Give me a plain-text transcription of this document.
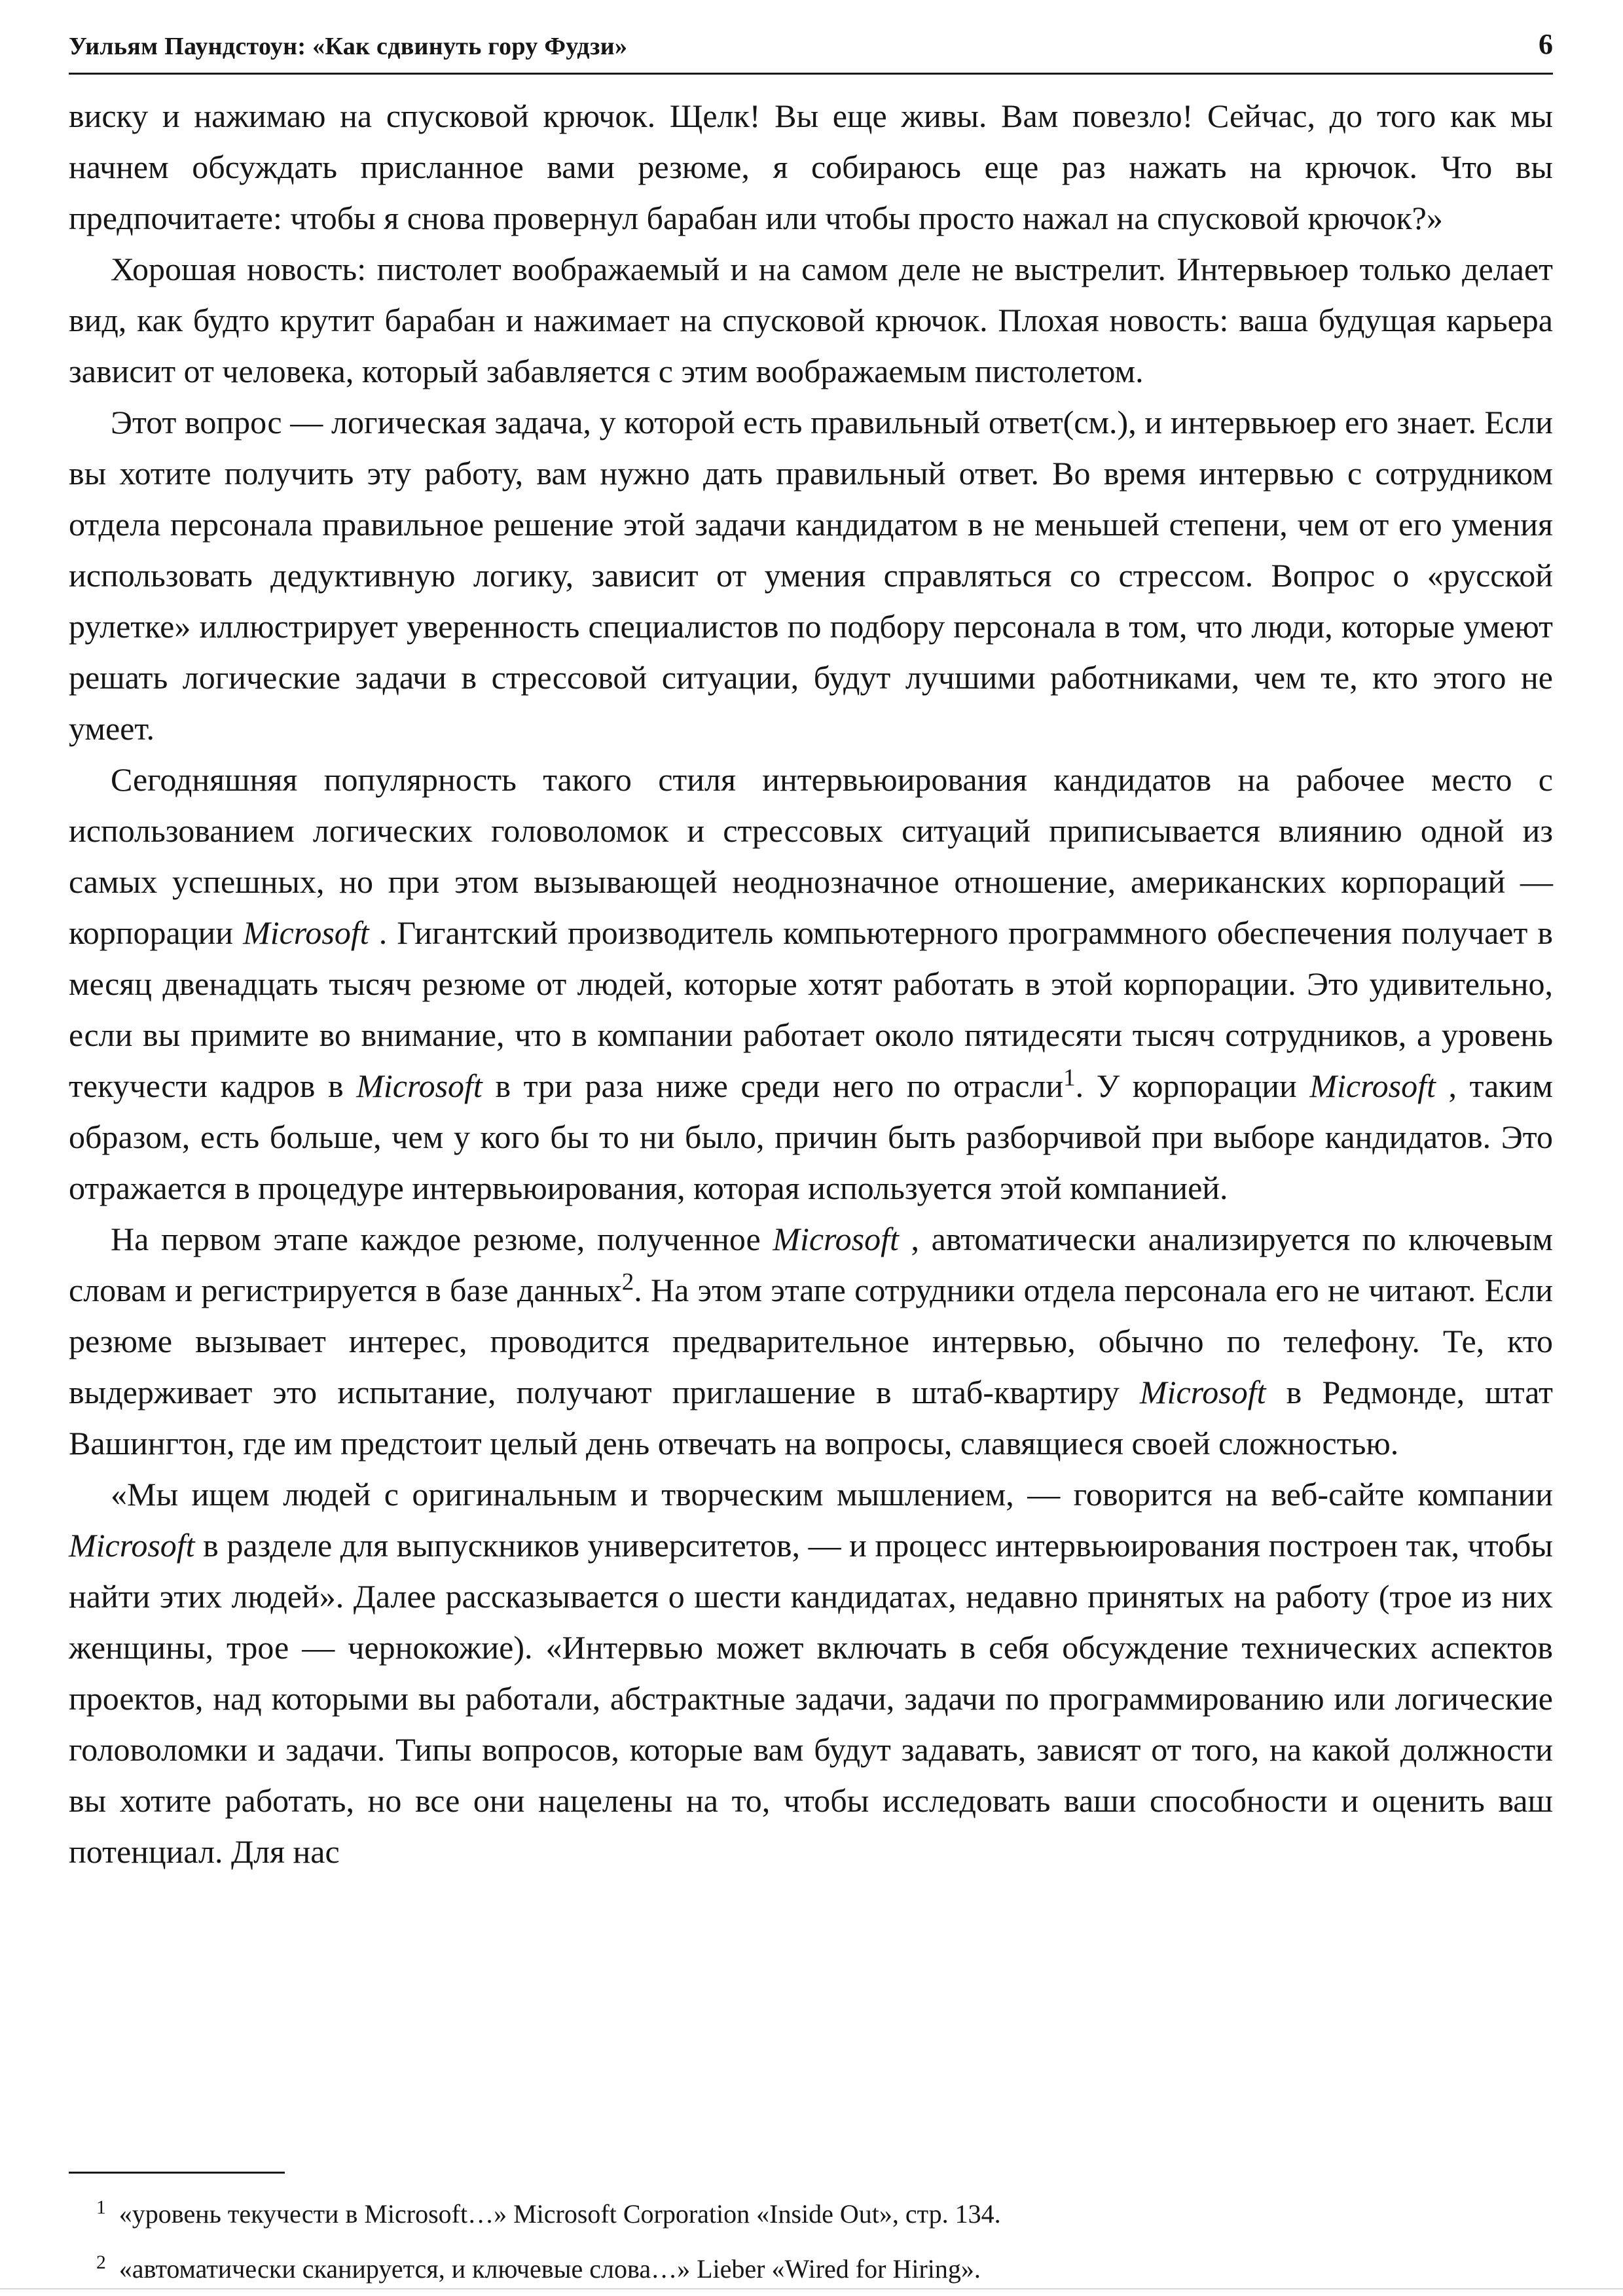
Уильям Паундстоун: «Как сдвинуть гору Фудзи»	6

виску и нажимаю на спусковой крючок. Щелк! Вы еще живы. Вам повезло! Сейчас, до того как мы начнем обсуждать присланное вами резюме, я собираюсь еще раз нажать на крючок. Что вы предпочитаете: чтобы я снова провернул барабан или чтобы просто нажал на спусковой крючок?»

Хорошая новость: пистолет воображаемый и на самом деле не выстрелит. Интервьюер только делает вид, как будто крутит барабан и нажимает на спусковой крючок. Плохая новость: ваша будущая карьера зависит от человека, который забавляется с этим воображаемым пистолетом.

Этот вопрос — логическая задача, у которой есть правильный ответ(см.), и интервьюер его знает. Если вы хотите получить эту работу, вам нужно дать правильный ответ. Во время интервью с сотрудником отдела персонала правильное решение этой задачи кандидатом в не меньшей степени, чем от его умения использовать дедуктивную логику, зависит от умения справляться со стрессом. Вопрос о «русской рулетке» иллюстрирует уверенность специалистов по подбору персонала в том, что люди, которые умеют решать логические задачи в стрессовой ситуации, будут лучшими работниками, чем те, кто этого не умеет.

Сегодняшняя популярность такого стиля интервьюирования кандидатов на рабочее место с использованием логических головоломок и стрессовых ситуаций приписывается влиянию одной из самых успешных, но при этом вызывающей неоднозначное отношение, американских корпораций — корпорации Microsoft . Гигантский производитель компьютерного программного обеспечения получает в месяц двенадцать тысяч резюме от людей, которые хотят работать в этой корпорации. Это удивительно, если вы примите во внимание, что в компании работает около пятидесяти тысяч сотрудников, а уровень текучести кадров в Microsoft в три раза ниже среди него по отрасли$^1$. У корпорации Microsoft , таким образом, есть больше, чем у кого бы то ни было, причин быть разборчивой при выборе кандидатов. Это отражается в процедуре интервьюирования, которая используется этой компанией.

На первом этапе каждое резюме, полученное Microsoft , автоматически анализируется по ключевым словам и регистрируется в базе данных$^2$. На этом этапе сотрудники отдела персонала его не читают. Если резюме вызывает интерес, проводится предварительное интервью, обычно по телефону. Те, кто выдерживает это испытание, получают приглашение в штаб-квартиру Microsoft в Редмонде, штат Вашингтон, где им предстоит целый день отвечать на вопросы, славящиеся своей сложностью.

«Мы ищем людей с оригинальным и творческим мышлением, — говорится на веб-сайте компании Microsoft в разделе для выпускников университетов, — и процесс интервьюирования построен так, чтобы найти этих людей». Далее рассказывается о шести кандидатах, недавно принятых на работу (трое из них женщины, трое — чернокожие). «Интервью может включать в себя обсуждение технических аспектов проектов, над которыми вы работали, абстрактные задачи, задачи по программированию или логические головоломки и задачи. Типы вопросов, которые вам будут задавать, зависят от того, на какой должности вы хотите работать, но все они нацелены на то, чтобы исследовать ваши способности и оценить ваш потенциал. Для нас

$^1$ «уровень текучести в Microsoft…» Microsoft Corporation «Inside Out», стр. 134.

$^2$ «автоматически сканируется, и ключевые слова…» Lieber «Wired for Hiring».
